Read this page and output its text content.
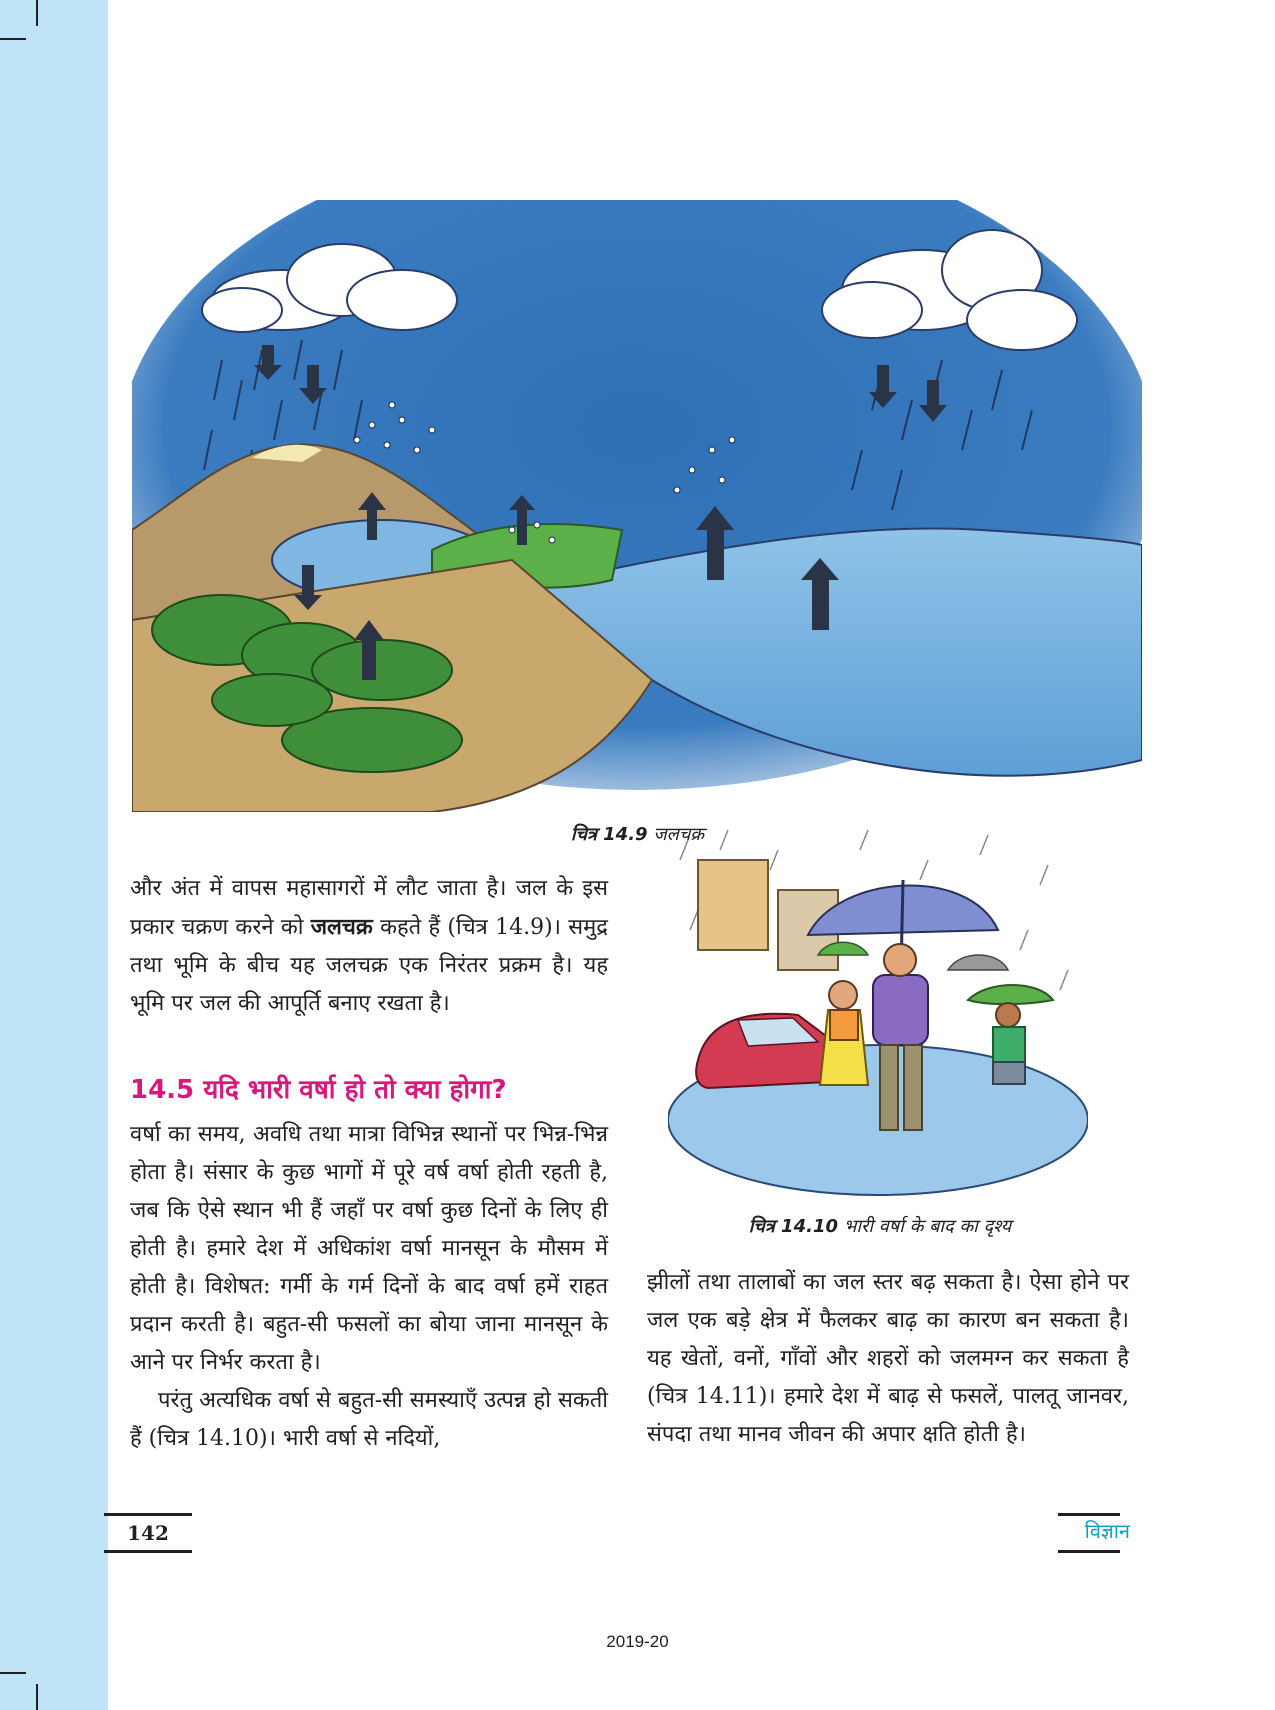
चित्र 14.9 जलचक्र

और अंत में वापस महासागरों में लौट जाता है। जल के इस प्रकार चक्रण करने को जलचक्र कहते हैं (चित्र 14.9)। समुद्र तथा भूमि के बीच यह जलचक्र एक निरंतर प्रक्रम है। यह भूमि पर जल की आपूर्ति बनाए रखता है।

14.5 यदि भारी वर्षा हो तो क्या होगा?

वर्षा का समय, अवधि तथा मात्रा विभिन्न स्थानों पर भिन्न-भिन्न होता है। संसार के कुछ भागों में पूरे वर्ष वर्षा होती रहती है, जब कि ऐसे स्थान भी हैं जहाँ पर वर्षा कुछ दिनों के लिए ही होती है। हमारे देश में अधिकांश वर्षा मानसून के मौसम में होती है। विशेषत: गर्मी के गर्म दिनों के बाद वर्षा हमें राहत प्रदान करती है। बहुत-सी फसलों का बोया जाना मानसून के आने पर निर्भर करता है।

परंतु अत्यधिक वर्षा से बहुत-सी समस्याएँ उत्पन्न हो सकती हैं (चित्र 14.10)। भारी वर्षा से नदियों,

चित्र 14.10 भारी वर्षा के बाद का दृश्य

झीलों तथा तालाबों का जल स्तर बढ़ सकता है। ऐसा होने पर जल एक बड़े क्षेत्र में फैलकर बाढ़ का कारण बन सकता है। यह खेतों, वनों, गाँवों और शहरों को जलमग्न कर सकता है (चित्र 14.11)। हमारे देश में बाढ़ से फसलें, पालतू जानवर, संपदा तथा मानव जीवन की अपार क्षति होती है।

142	विज्ञान
2019-20
